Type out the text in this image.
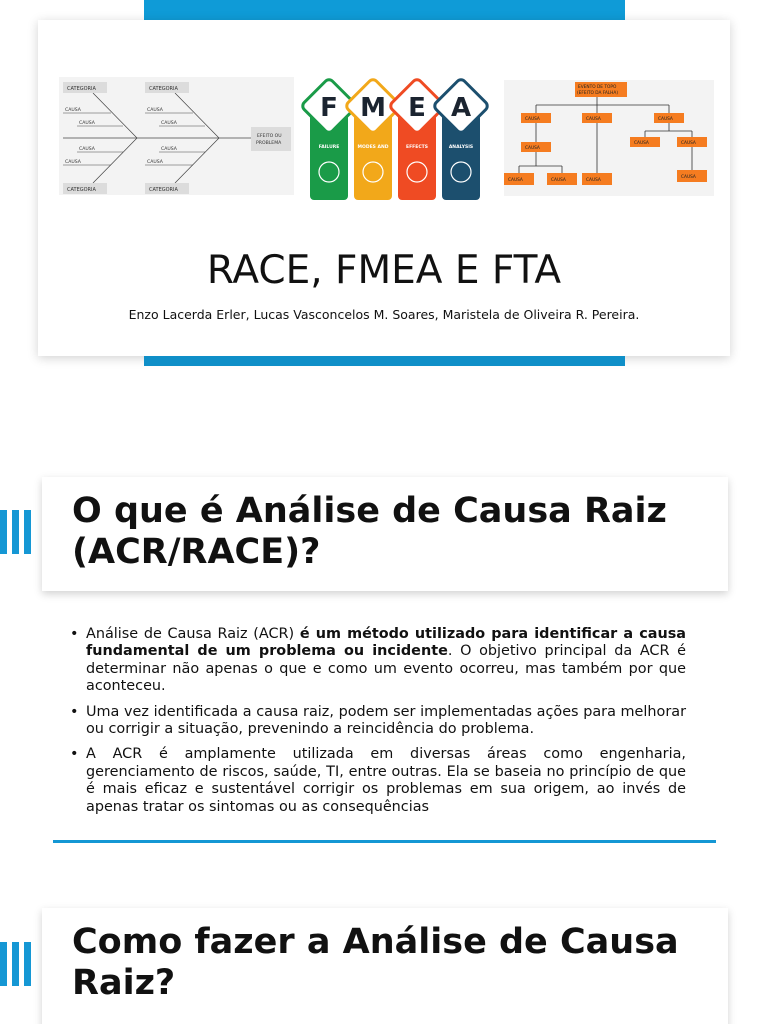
CATEGORIA	CATEGORIA
CATEGORIA	CATEGORIA
CAUSA
CAUSA
CAUSA
CAUSA
CAUSA
CAUSA
CAUSA
CAUSA
EFEITO OU
PROBLEMA
F
FAILURE
M
MODES AND
E
EFFECTS
A
ANALYSIS
EVENTO DE TOPO
(EFEITO DA FALHA)
CAUSA	CAUSA	CAUSA
CAUSA
CAUSA	CAUSA
CAUSA	CAUSA	CAUSA
CAUSA
RACE, FMEA E FTA
Enzo Lacerda Erler, Lucas Vasconcelos M. Soares, Maristela de Oliveira R. Pereira.
O que é Análise de Causa Raiz (ACR/RACE)?
• Análise de Causa Raiz (ACR) é um método utilizado para identificar a causa fundamental de um problema ou incidente. O objetivo principal da ACR é determinar não apenas o que e como um evento ocorreu, mas também por que aconteceu.
• Uma vez identificada a causa raiz, podem ser implementadas ações para melhorar ou corrigir a situação, prevenindo a reincidência do problema.
• A ACR é amplamente utilizada em diversas áreas como engenharia, gerenciamento de riscos, saúde, TI, entre outras. Ela se baseia no princípio de que é mais eficaz e sustentável corrigir os problemas em sua origem, ao invés de apenas tratar os sintomas ou as consequências
Como fazer a Análise de Causa Raiz?
